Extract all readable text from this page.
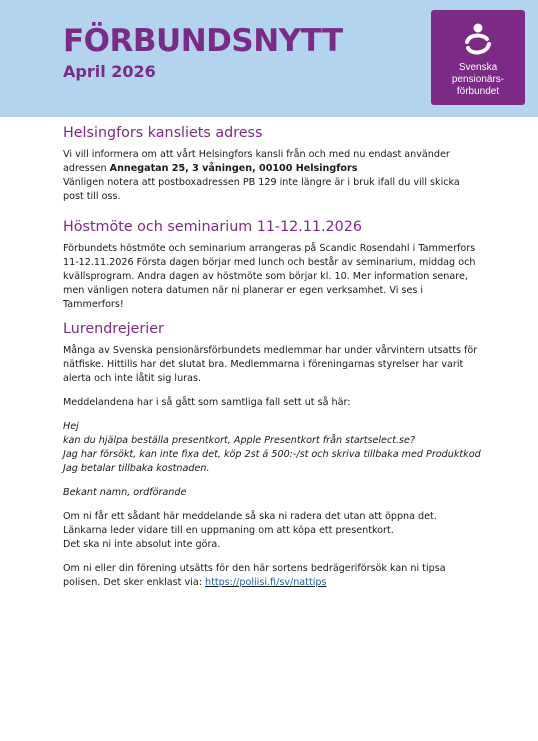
FÖRBUNDSNYTT
April 2026	Svenska
pensionärs-
förbundet
Helsingfors kansliets adress

Vi vill informera om att vårt Helsingfors kansli från och med nu endast använder adressen Annegatan 25, 3 våningen, 00100 Helsingfors

Vänligen notera att postboxadressen PB 129 inte längre är i bruk ifall du vill skicka post till oss.

Höstmöte och seminarium 11-12.11.2026

Förbundets höstmöte och seminarium arrangeras på Scandic Rosendahl i Tammerfors 11-12.11.2026 Första dagen börjar med lunch och består av seminarium, middag och kvällsprogram. Andra dagen av höstmöte som börjar kl. 10. Mer information senare, men vänligen notera datumen när ni planerar er egen verksamhet. Vi ses i Tammerfors!

Lurendrejerier

Många av Svenska pensionärsförbundets medlemmar har under vårvintern utsatts för nätfiske. Hittills har det slutat bra. Medlemmarna i föreningarnas styrelser har varit alerta och inte låtit sig luras.

Meddelandena har i så gått som samtliga fall sett ut så här:

Hej
kan du hjälpa beställa presentkort, Apple Presentkort från startselect.se?
Jag har försökt, kan inte fixa det, köp 2st á 500:-/st och skriva tillbaka med Produktkod
Jag betalar tillbaka kostnaden.

Bekant namn, ordförande

Om ni får ett sådant här meddelande så ska ni radera det utan att öppna det.
Länkarna leder vidare till en uppmaning om att köpa ett presentkort.
Det ska ni inte absolut inte göra.

Om ni eller din förening utsätts för den här sortens bedrägeriförsök kan ni tipsa polisen. Det sker enklast via: https://poliisi.fi/sv/nattips
